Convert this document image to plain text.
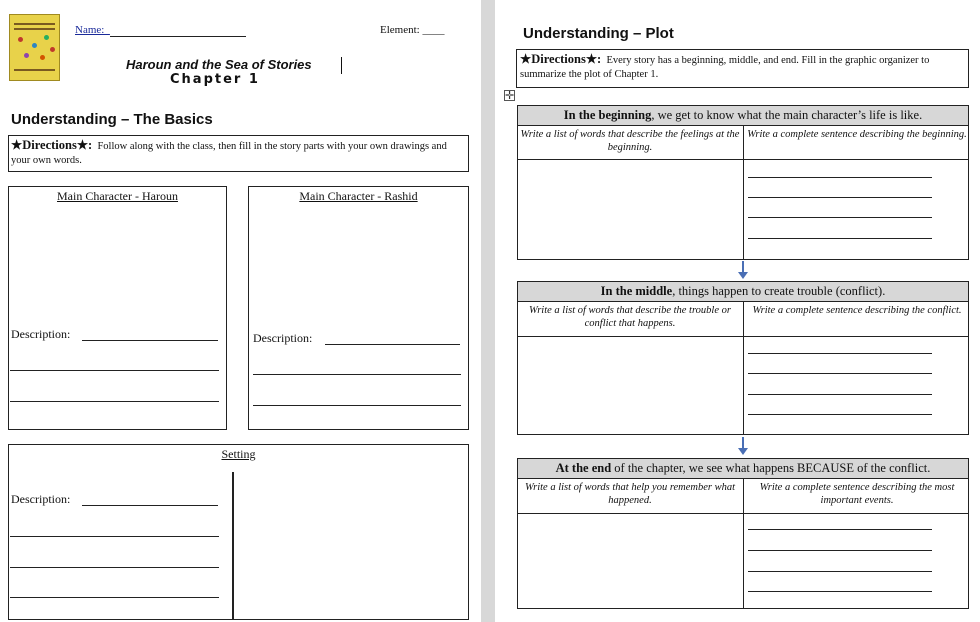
Name:_	Element: ____
Haroun and the Sea of Stories
Chapter 1
Understanding – The Basics
★Directions★: Follow along with the class, then fill in the story parts with your own drawings and your own words.
Main Character - Haroun
Description:
Main Character - Rashid
Description:
Setting
Description:
Understanding – Plot
★Directions★: Every story has a beginning, middle, and end. Fill in the graphic organizer to summarize the plot of Chapter 1.
✛
In the beginning, we get to know what the main character’s life is like.
Write a list of words that describe the feelings at the beginning.
Write a complete sentence describing the beginning.
In the middle, things happen to create trouble (conflict).
Write a list of words that describe the trouble or conflict that happens.
Write a complete sentence describing the conflict.
At the end of the chapter, we see what happens BECAUSE of the conflict.
Write a list of words that help you remember what happened.
Write a complete sentence describing the most important events.
